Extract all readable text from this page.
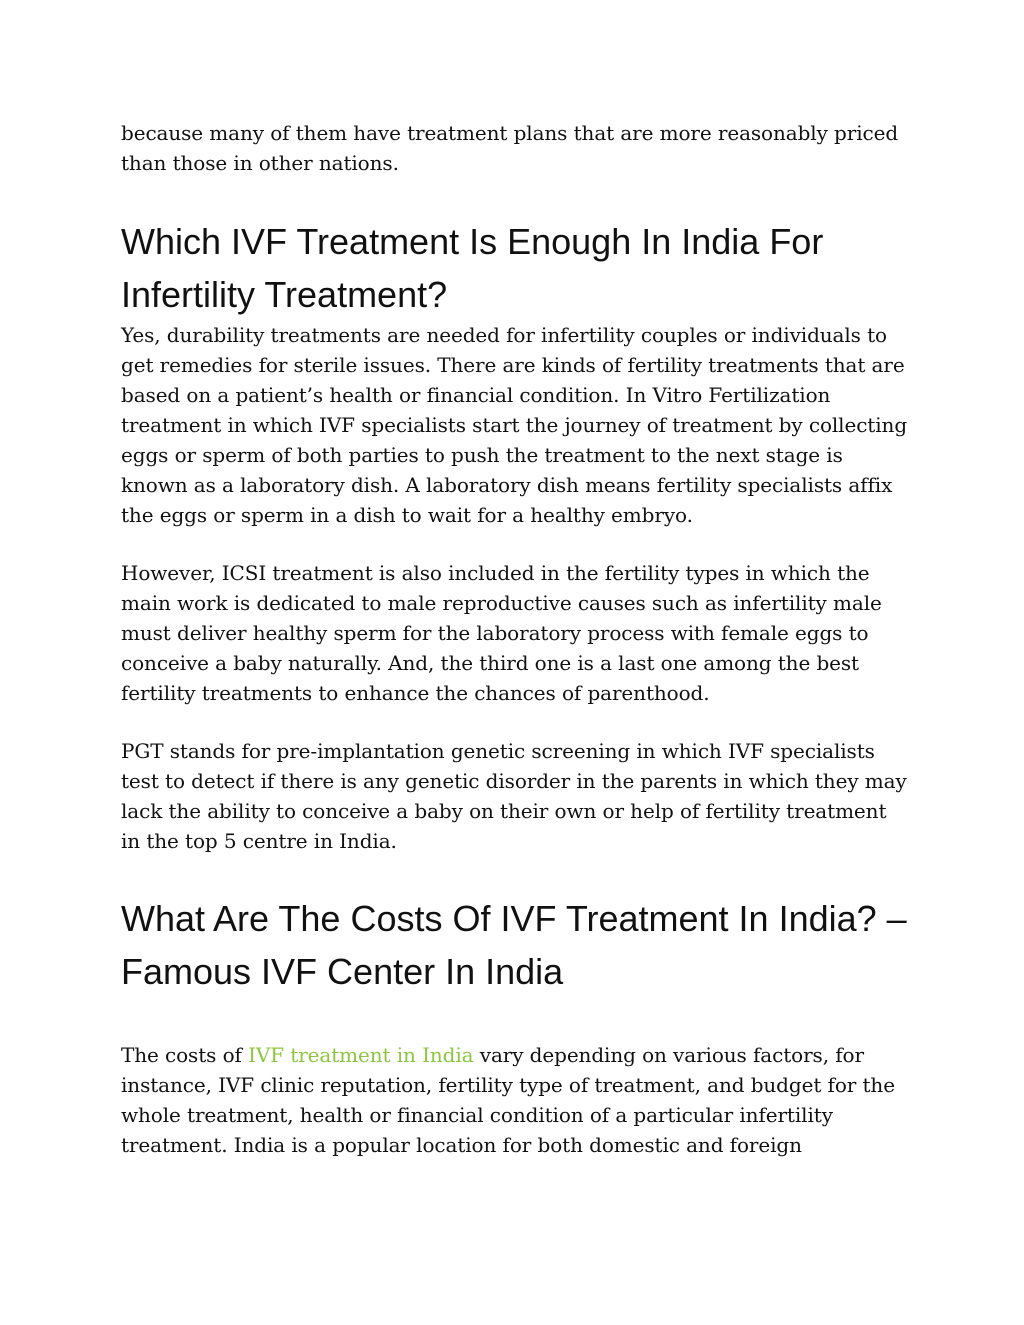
because many of them have treatment plans that are more reasonably priced than those in other nations.

Which IVF Treatment Is Enough In India For Infertility Treatment?

Yes, durability treatments are needed for infertility couples or individuals to get remedies for sterile issues. There are kinds of fertility treatments that are based on a patient’s health or financial condition. In Vitro Fertilization treatment in which IVF specialists start the journey of treatment by collecting eggs or sperm of both parties to push the treatment to the next stage is known as a laboratory dish. A laboratory dish means fertility specialists affix the eggs or sperm in a dish to wait for a healthy embryo.

However, ICSI treatment is also included in the fertility types in which the main work is dedicated to male reproductive causes such as infertility male must deliver healthy sperm for the laboratory process with female eggs to conceive a baby naturally. And, the third one is a last one among the best fertility treatments to enhance the chances of parenthood.

PGT stands for pre-implantation genetic screening in which IVF specialists test to detect if there is any genetic disorder in the parents in which they may lack the ability to conceive a baby on their own or help of fertility treatment in the top 5 centre in India.

What Are The Costs Of IVF Treatment In India? – Famous IVF Center In India

The costs of IVF treatment in India vary depending on various factors, for instance, IVF clinic reputation, fertility type of treatment, and budget for the whole treatment, health or financial condition of a particular infertility treatment. India is a popular location for both domestic and foreign
